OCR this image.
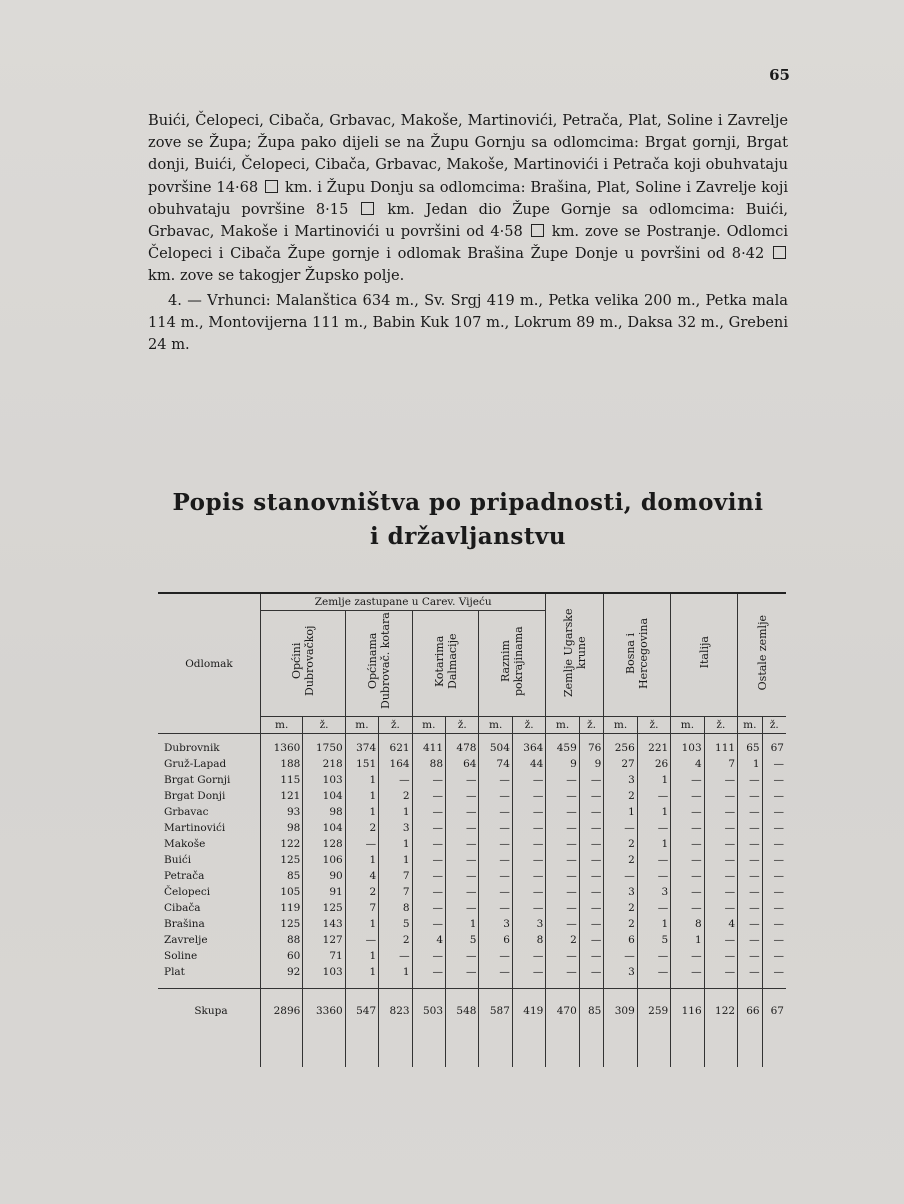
65

Buići, Čelopeci, Cibača, Grbavac, Makoše, Martinovići, Petrača, Plat, Soline i Zavrelje zove se Župa; Župa pako dijeli se na Župu Gornju sa odlomcima: Brgat gornji, Brgat donji, Buići, Čelopeci, Cibača, Grbavac, Makoše, Martinovići i Petrača koji obuhvataju površine 14·68 km. i Župu Donju sa odlomcima: Brašina, Plat, Soline i Zavrelje koji obuhvataju površine 8·15	km. Jedan dio Župe Gornje sa odlomcima: Buići, Grbavac, Makoše i Martinovići u površini od 4·58 km. zove se Postranje. Odlomci Čelopeci i Cibača Župe gornje i odlomak Brašina Župe Donje u površini od 8·42  km. zove se takogjer Župsko polje.

4. — Vrhunci: Malanštica 634 m., Sv. Srgj 419 m., Petka velika 200 m., Petka mala 114 m., Montovijerna 111 m., Babin Kuk 107 m., Lokrum 89 m., Daksa 32 m., Grebeni 24 m.

Popis stanovništva po pripadnosti, domovini
i državljanstvu
Odlomak	Zemlje zastupane u Carev. Vijeću								Zemlje Ugarske krune		Bosna i Hercegovina		Italija		Ostale zemlje	
	Općini Dubrovačkoj		Općinama Dubrovač. kotara		Kotarima Dalmacije		Raznim pokrajinama									
	m.	ž.	m.	ž.	m.	ž.	m.	ž.	m.	ž.	m.	ž.	m.	ž.	m.	ž.
Dubrovnik	1360	1750	374	621	411	478	504	364	459	76	256	221	103	111	65	67
Gruž-Lapad	188	218	151	164	88	64	74	44	9	9	27	26	4	7	1	—
Brgat Gornji	115	103	1	—	—	—	—	—	—	—	3	1	—	—	—	—
Brgat Donji	121	104	1	2	—	—	—	—	—	—	2	—	—	—	—	—
Grbavac	93	98	1	1	—	—	—	—	—	—	1	1	—	—	—	—
Martinovići	98	104	2	3	—	—	—	—	—	—	—	—	—	—	—	—
Makoše	122	128	—	1	—	—	—	—	—	—	2	1	—	—	—	—
Buići	125	106	1	1	—	—	—	—	—	—	2	—	—	—	—	—
Petrača	85	90	4	7	—	—	—	—	—	—	—	—	—	—	—	—
Čelopeci	105	91	2	7	—	—	—	—	—	—	3	3	—	—	—	—
Cibača	119	125	7	8	—	—	—	—	—	—	2	—	—	—	—	—
Brašina	125	143	1	5	—	1	3	3	—	—	2	1	8	4	—	—
Zavrelje	88	127	—	2	4	5	6	8	2	—	6	5	1	—	—	—
Soline	60	71	1	—	—	—	—	—	—	—	—	—	—	—	—	—
Plat	92	103	1	1	—	—	—	—	—	—	3	—	—	—	—	—
Skupa	2896	3360	547	823	503	548	587	419	470	85	309	259	116	122	66	67
